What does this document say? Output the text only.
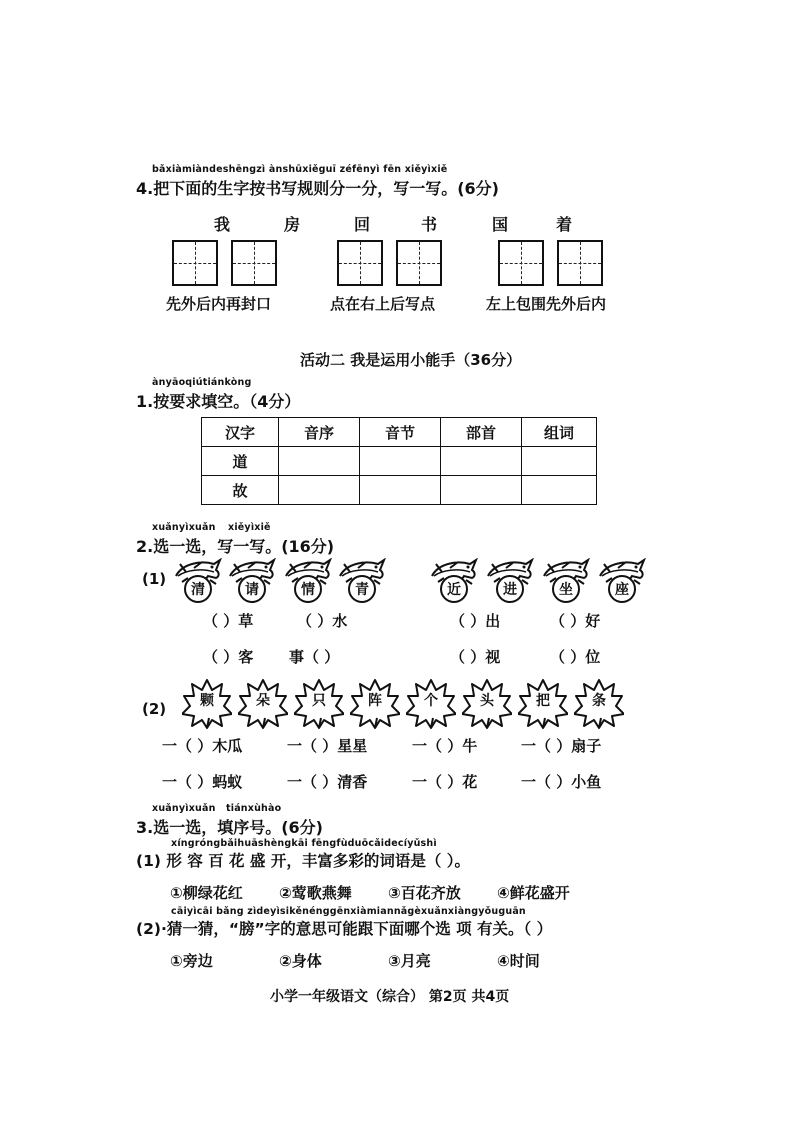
bǎxiàmiàndeshēngzì ànshūxiěguī zéfēnyì fēn xiěyìxiě
4.把下面的生字按书写规则分一分，写一写。(6分)
我	房	回	书	国	着
先外后内再封口	点在右上后写点	左上包围先外后内
活动二 我是运用小能手（36分）
ànyāoqiútiánkòng
1.按要求填空。（4分）
汉字	音序	音节	部首	组词
道				
故				
xuǎnyìxuǎn xiěyìxiě
2.选一选，写一写。(16分)
(1)
清	请	情	青	近	进	坐	座
（ ）草	（ ）水	（ ）出	（ ）好
（ ）客 事（ ）	（ ）视	（ ）位
(2)	颗	朵	只	阵	个	头	把	条
一（ ）木瓜	一（ ）星星	一（ ）牛	一（ ）扇子
一（ ）蚂蚁	一（ ）清香	一（ ）花	一（ ）小鱼
xuǎnyìxuǎn tiánxùhào
3.选一选，填序号。(6分)
xíngróngbǎihuāshèngkāi fēngfùduōcǎidecíyǔshì
(1) 形 容 百 花 盛 开，丰富多彩的词语是（ ）。
①柳绿花红 ②莺歌燕舞 ③百花齐放 ④鲜花盛开
cāiyìcāi bǎng zìdeyìsikěnénggēnxiàmiannǎgèxuǎnxiàngyǒuguān
(2)·猜一猜，“膀”字的意思可能跟下面哪个选 项 有关。（ ）
①旁边	②身体	③月亮	④时间
小学一年级语文（综合） 第2页 共4页
